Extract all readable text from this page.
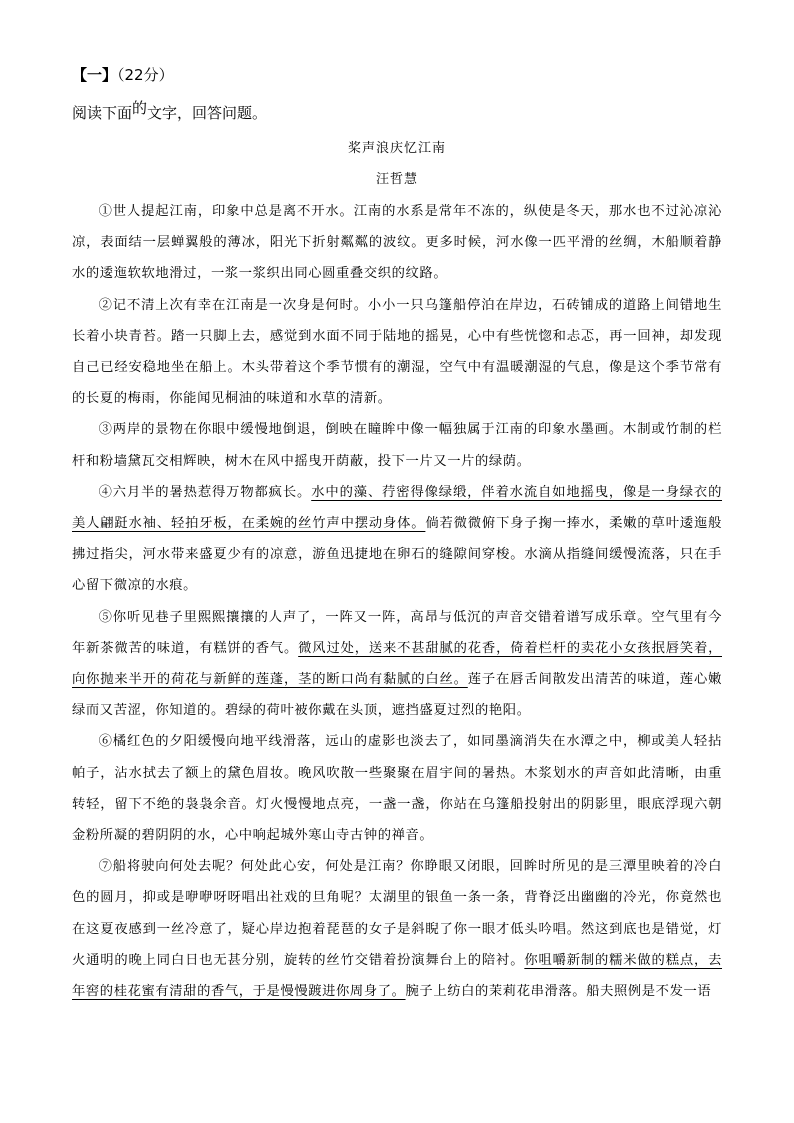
【一】（22分）
阅读下面的文字，回答问题。
桨声浪庆忆江南
汪哲慧

①世人提起江南，印象中总是离不开水。江南的水系是常年不冻的，纵使是冬天，那水也不过沁凉沁凉，表面结一层蝉翼般的薄冰，阳光下折射粼粼的波纹。更多时候，河水像一匹平滑的丝绸，木船顺着静水的逶迤软软地滑过，一浆一浆织出同心圆重叠交织的纹路。

②记不清上次有幸在江南是一次身是何时。小小一只乌篷船停泊在岸边，石砖铺成的道路上间错地生长着小块青苔。踏一只脚上去，感觉到水面不同于陆地的摇晃，心中有些恍惚和忐忑，再一回神，却发现自己已经安稳地坐在船上。木头带着这个季节惯有的潮湿，空气中有温暖潮湿的气息，像是这个季节常有的长夏的梅雨，你能闻见桐油的味道和水草的清新。

③两岸的景物在你眼中缓慢地倒退，倒映在瞳眸中像一幅独属于江南的印象水墨画。木制或竹制的栏杆和粉墙黛瓦交相辉映，树木在风中摇曳开荫蔽，投下一片又一片的绿荫。

④六月半的暑热惹得万物都疯长。水中的藻、荇密得像绿缎，伴着水流自如地摇曳，像是一身绿衣的美人翩跹水袖、轻拍牙板，在柔婉的丝竹声中摆动身体。倘若微微俯下身子掬一捧水，柔嫩的草叶逶迤般拂过指尖，河水带来盛夏少有的凉意，游鱼迅捷地在卵石的缝隙间穿梭。水滴从指缝间缓慢流落，只在手心留下微凉的水痕。

⑤你听见巷子里熙熙攘攘的人声了，一阵又一阵，高昂与低沉的声音交错着谱写成乐章。空气里有今年新茶微苦的味道，有糕饼的香气。微风过处，送来不甚甜腻的花香，倚着栏杆的卖花小女孩抿唇笑着，向你抛来半开的荷花与新鲜的莲蓬，茎的断口尚有黏腻的白丝。莲子在唇舌间散发出清苦的味道，莲心嫩绿而又苦涩，你知道的。碧绿的荷叶被你戴在头顶，遮挡盛夏过烈的艳阳。

⑥橘红色的夕阳缓慢向地平线滑落，远山的虚影也淡去了，如同墨滴消失在水潭之中，柳或美人轻拈帕子，沾水拭去了额上的黛色眉妆。晚风吹散一些聚聚在眉宇间的暑热。木浆划水的声音如此清晰，由重转轻，留下不绝的袅袅余音。灯火慢慢地点亮，一盏一盏，你站在乌篷船投射出的阴影里，眼底浮现六朝金粉所凝的碧阴阴的水，心中响起城外寒山寺古钟的禅音。

⑦船将驶向何处去呢？何处此心安，何处是江南？你睁眼又闭眼，回眸时所见的是三潭里映着的冷白色的圆月，抑或是咿咿呀呀唱出社戏的旦角呢？太湖里的银鱼一条一条，背脊泛出幽幽的冷光，你竟然也在这夏夜感到一丝冷意了，疑心岸边抱着琵琶的女子是斜睨了你一眼才低头吟唱。然这到底也是错觉，灯火通明的晚上同白日也无甚分别，旋转的丝竹交错着扮演舞台上的陪衬。你咀嚼新制的糯米做的糕点，去年窖的桂花蜜有清甜的香气，于是慢慢踱进你周身了。腕子上纺白的茉莉花串滑落。船夫照例是不发一语
